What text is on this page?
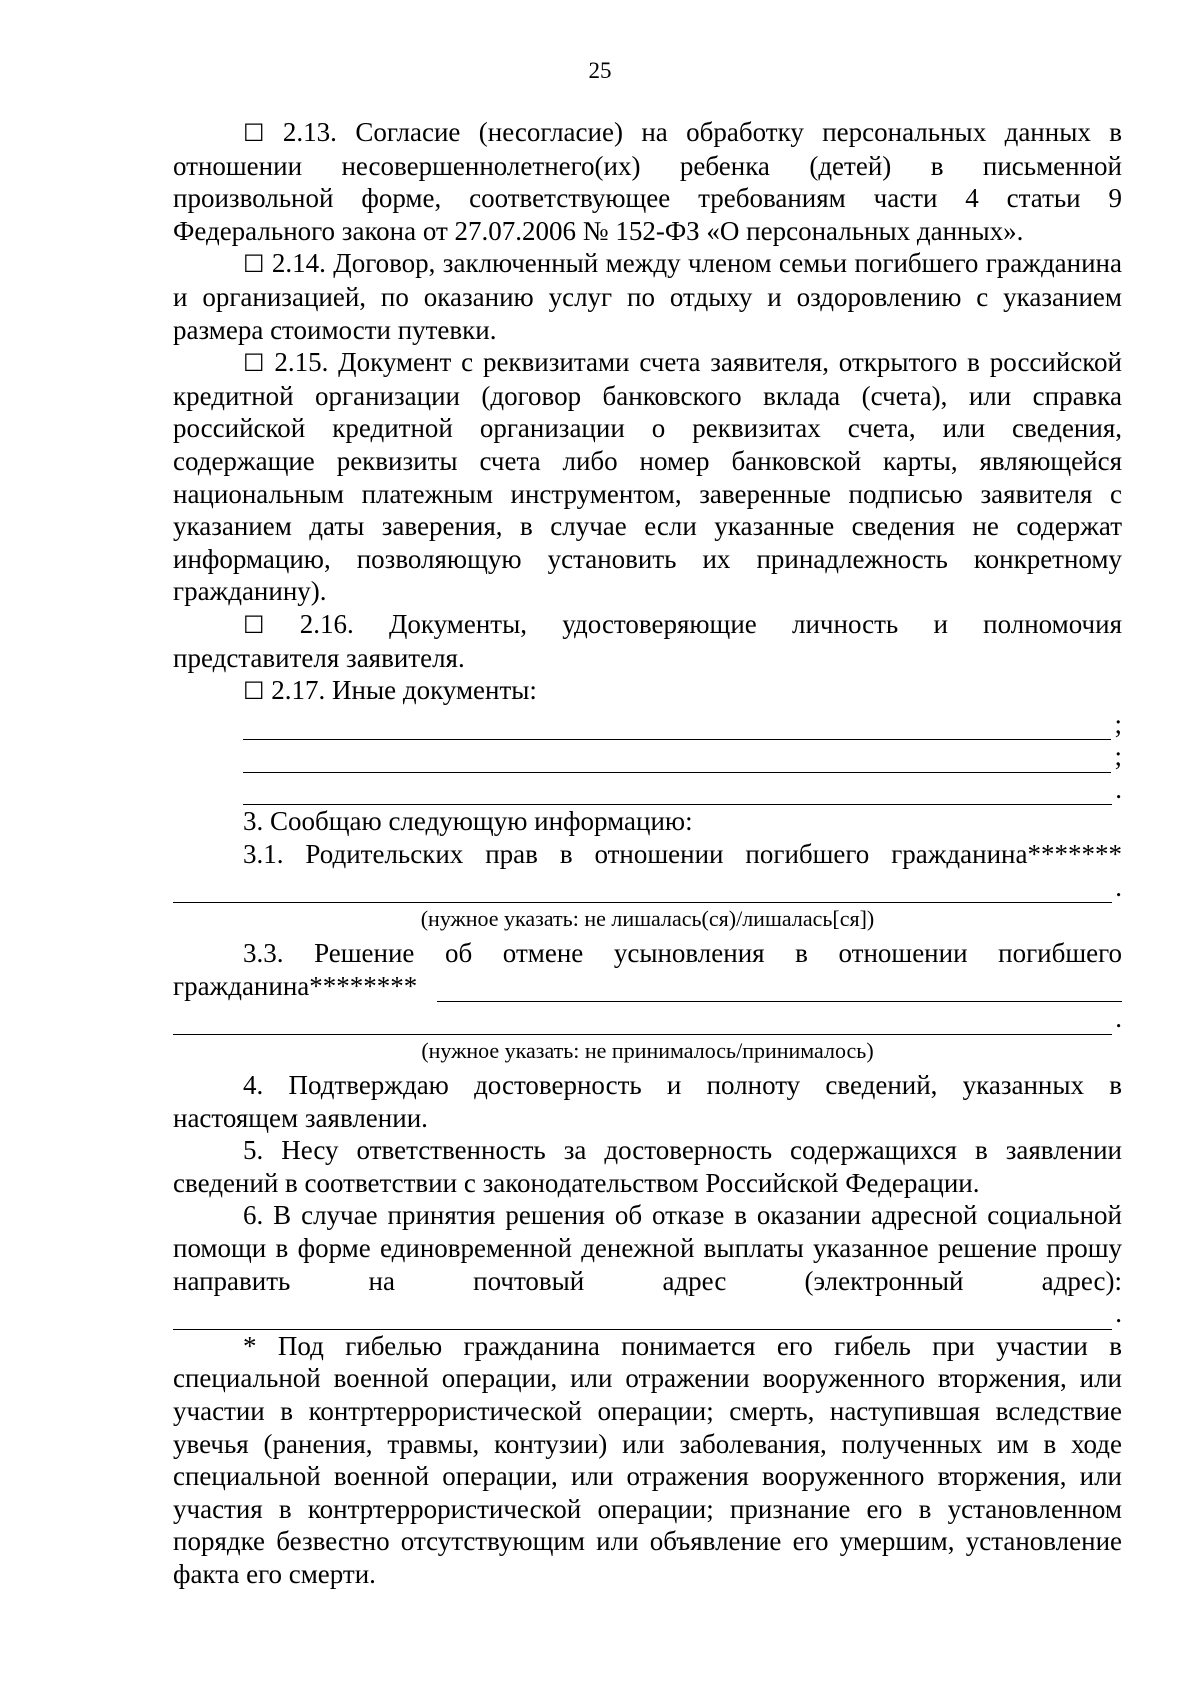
25

☐ 2.13. Согласие (несогласие) на обработку персональных данных в отношении несовершеннолетнего(их) ребенка (детей) в письменной произвольной форме, соответствующее требованиям части 4 статьи 9 Федерального закона от 27.07.2006 № 152-ФЗ «О персональных данных».

☐ 2.14. Договор, заключенный между членом семьи погибшего гражданина и организацией, по оказанию услуг по отдыху и оздоровлению с указанием размера стоимости путевки.

☐ 2.15. Документ с реквизитами счета заявителя, открытого в российской кредитной организации (договор банковского вклада (счета), или справка российской кредитной организации о реквизитах счета, или сведения, содержащие реквизиты счета либо номер банковской карты, являющейся национальным платежным инструментом, заверенные подписью заявителя с указанием даты заверения, в случае если указанные сведения не содержат информацию, позволяющую установить их принадлежность конкретному гражданину).

☐ 2.16. Документы, удостоверяющие личность и полномочия представителя заявителя.

☐ 2.17. Иные документы:

;
;
.

3. Сообщаю следующую информацию:

3.1. Родительских прав в отношении погибшего гражданина*******

.
(нужное указать: не лишалась(ся)/лишалась[ся])

3.3. Решение об отмене усыновления в отношении погибшего

гражданина********
.
(нужное указать: не принималось/принималось)

4. Подтверждаю достоверность и полноту сведений, указанных в настоящем заявлении.

5. Несу ответственность за достоверность содержащихся в заявлении сведений в соответствии с законодательством Российской Федерации.

6. В случае принятия решения об отказе в оказании адресной социальной помощи в форме единовременной денежной выплаты указанное решение прошу направить на почтовый адрес (электронный адрес):

.

* Под гибелью гражданина понимается его гибель при участии в специальной военной операции, или отражении вооруженного вторжения, или участии в контртеррористической операции; смерть, наступившая вследствие увечья (ранения, травмы, контузии) или заболевания, полученных им в ходе специальной военной операции, или отражения вооруженного вторжения, или участия в контртеррористической операции; признание его в установленном порядке безвестно отсутствующим или объявление его умершим, установление факта его смерти.
